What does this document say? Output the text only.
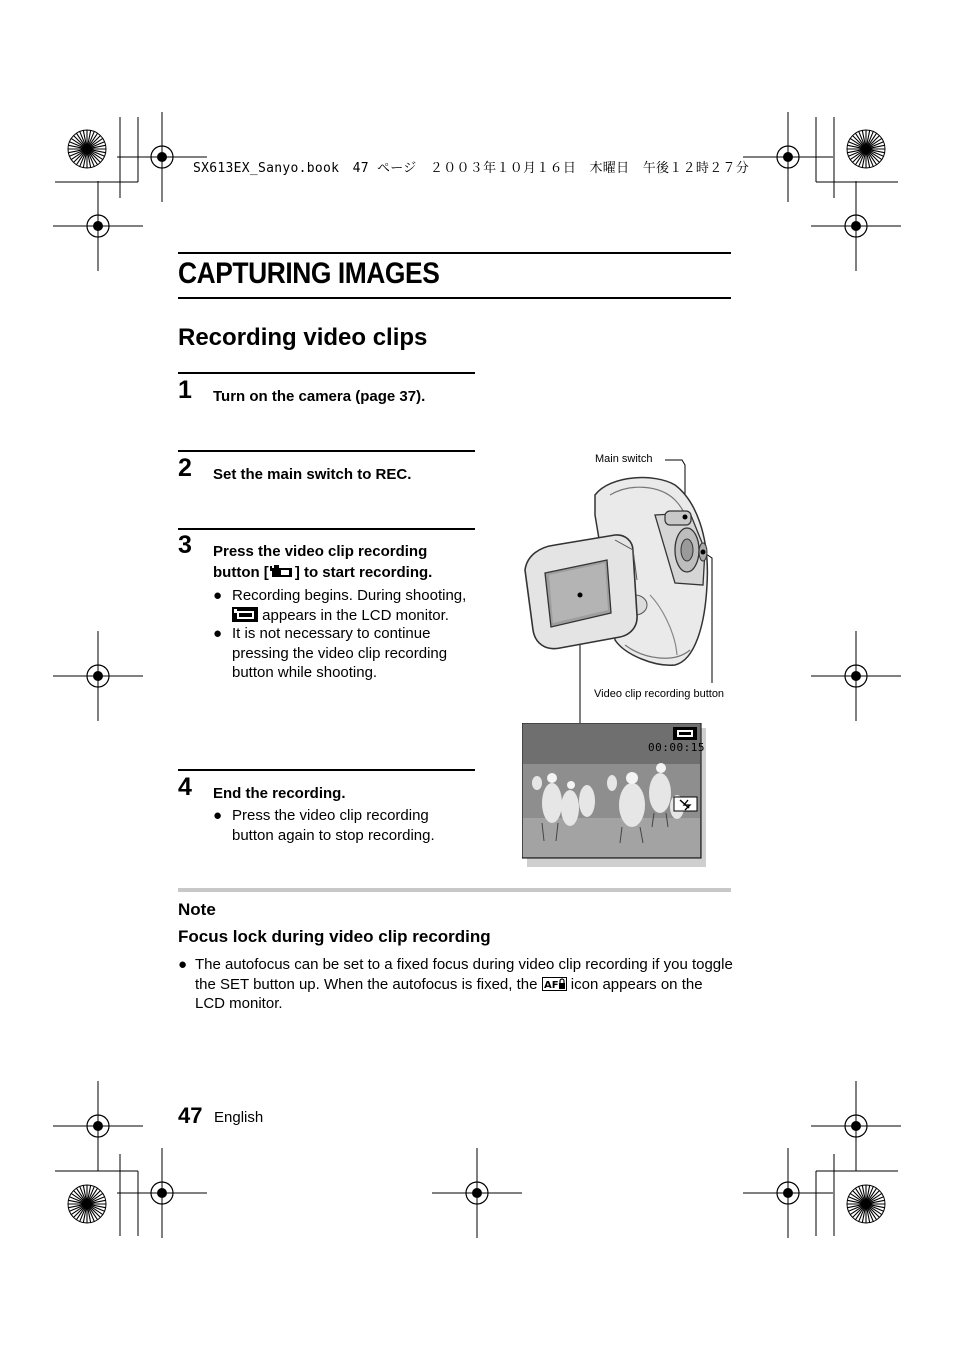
SX613EX_Sanyo.book　47 ページ　２００３年１０月１６日　木曜日　午後１２時２７分
CAPTURING IMAGES
Recording video clips
1 Turn on the camera (page 37).
2 Set the main switch to REC.
3 Press the video clip recording
button [ ] to start recording.
● Recording begins. During shooting,
appears in the LCD monitor.
● It is not necessary to continue pressing the video clip recording button while shooting.
4 End the recording.
● Press the video clip recording button again to stop recording.
Main switch
Video clip recording button
00:00:15
Note
Focus lock during video clip recording
● The autofocus can be set to a fixed focus during video clip recording if you toggle the SET button up. When the autofocus is fixed, the AF icon appears on the LCD monitor.
47 English
